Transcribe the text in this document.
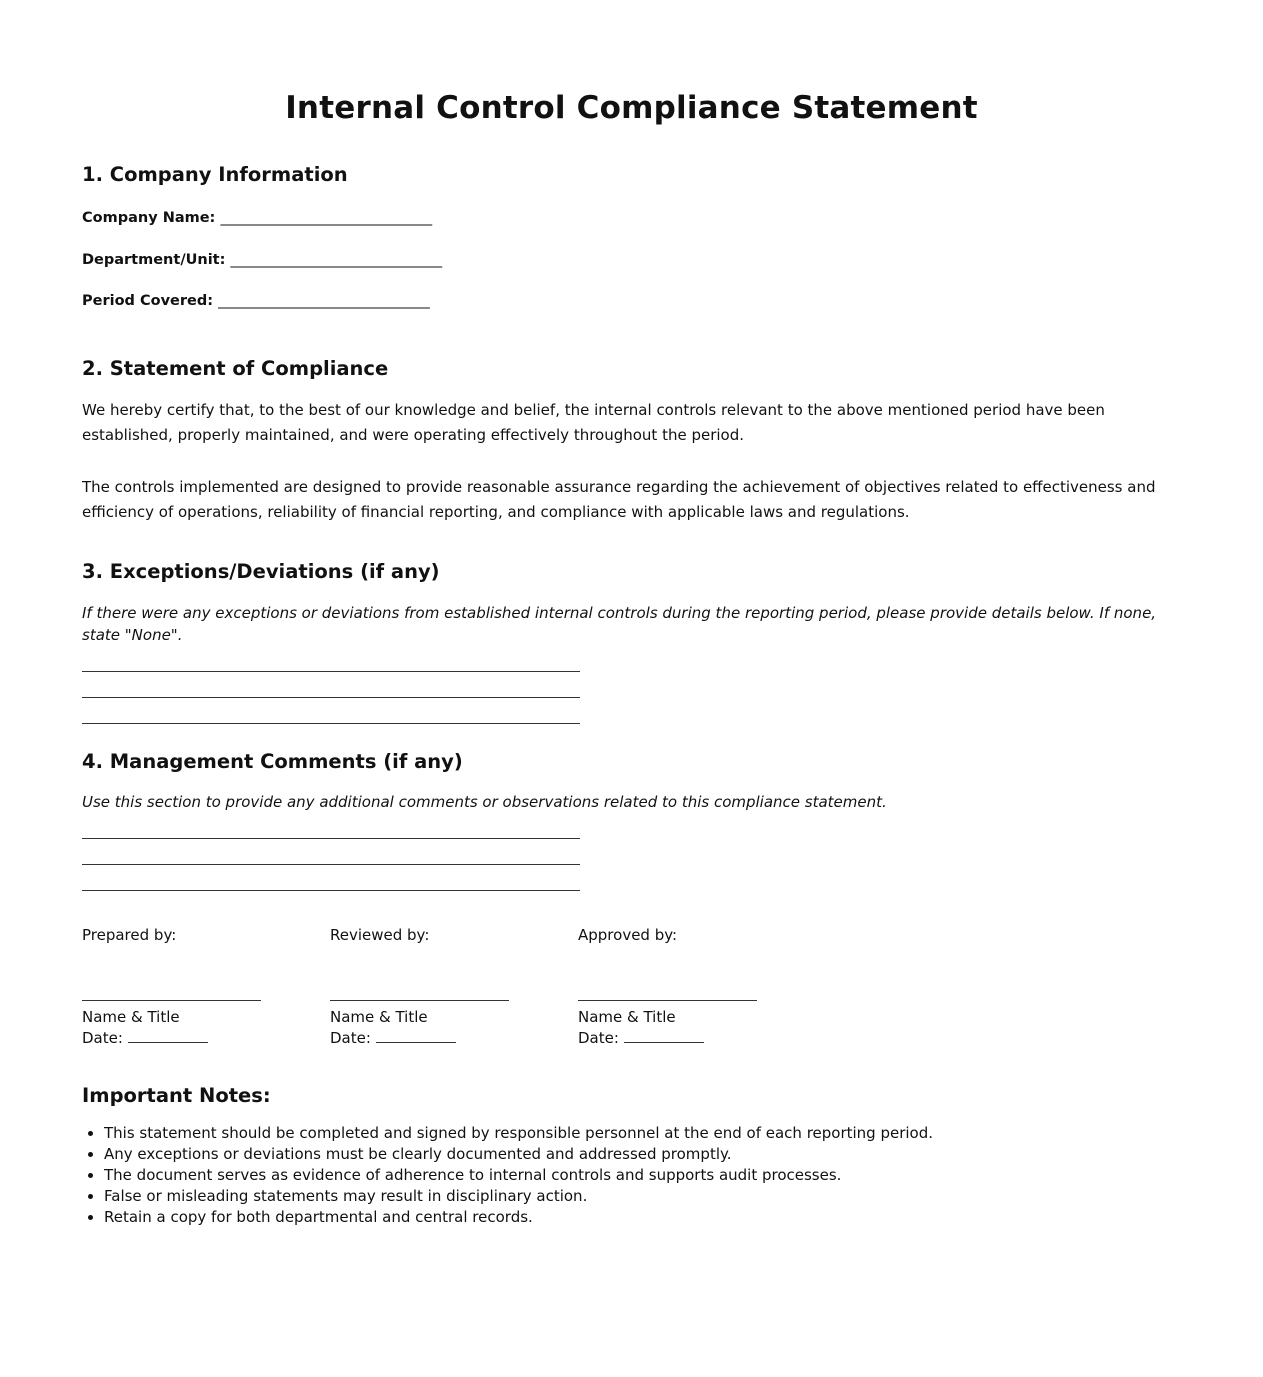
Internal Control Compliance Statement
1. Company Information
Company Name: ______________________________
Department/Unit: ______________________________
Period Covered: ______________________________
2. Statement of Compliance

We hereby certify that, to the best of our knowledge and belief, the internal controls relevant to the above mentioned period have been established, properly maintained, and were operating effectively throughout the period.

The controls implemented are designed to provide reasonable assurance regarding the achievement of objectives related to effectiveness and efficiency of operations, reliability of financial reporting, and compliance with applicable laws and regulations.

3. Exceptions/Deviations (if any)

If there were any exceptions or deviations from established internal controls during the reporting period, please provide details below. If none, state "None".

4. Management Comments (if any)

Use this section to provide any additional comments or observations related to this compliance statement.

Prepared by:
Name & Title
Date:
Reviewed by:
Name & Title
Date:
Approved by:
Name & Title
Date:
Important Notes:
• This statement should be completed and signed by responsible personnel at the end of each reporting period.
• Any exceptions or deviations must be clearly documented and addressed promptly.
• The document serves as evidence of adherence to internal controls and supports audit processes.
• False or misleading statements may result in disciplinary action.
• Retain a copy for both departmental and central records.
